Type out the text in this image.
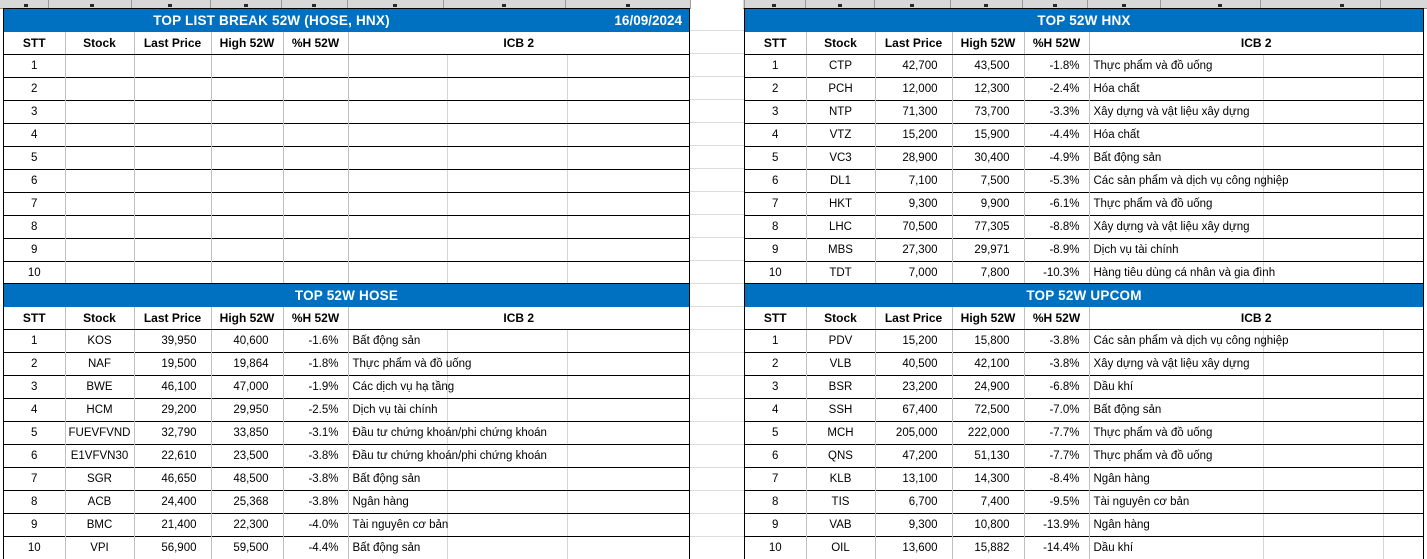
TOP LIST BREAK 52W (HOSE, HNX)	16/09/2024
STT	Stock	Last Price	High 52W	%H 52W	ICB 2
1					
2					
3					
4					
5					
6					
7					
8					
9					
10					
TOP 52W HOSE
STT	Stock	Last Price	High 52W	%H 52W	ICB 2
1	KOS	39,950	40,600	-1.6%	Bất động sản
2	NAF	19,500	19,864	-1.8%	Thực phẩm và đồ uống
3	BWE	46,100	47,000	-1.9%	Các dịch vụ hạ tầng
4	HCM	29,200	29,950	-2.5%	Dịch vụ tài chính
5	FUEVFVND	32,790	33,850	-3.1%	Đầu tư chứng khoán/phi chứng khoán
6	E1VFVN30	22,610	23,500	-3.8%	Đầu tư chứng khoán/phi chứng khoán
7	SGR	46,650	48,500	-3.8%	Bất động sản
8	ACB	24,400	25,368	-3.8%	Ngân hàng
9	BMC	21,400	22,300	-4.0%	Tài nguyên cơ bản
10	VPI	56,900	59,500	-4.4%	Bất động sản
TOP 52W HNX
STT	Stock	Last Price	High 52W	%H 52W	ICB 2
1	CTP	42,700	43,500	-1.8%	Thực phẩm và đồ uống
2	PCH	12,000	12,300	-2.4%	Hóa chất
3	NTP	71,300	73,700	-3.3%	Xây dựng và vật liệu xây dựng
4	VTZ	15,200	15,900	-4.4%	Hóa chất
5	VC3	28,900	30,400	-4.9%	Bất động sản
6	DL1	7,100	7,500	-5.3%	Các sản phẩm và dịch vụ công nghiệp
7	HKT	9,300	9,900	-6.1%	Thực phẩm và đồ uống
8	LHC	70,500	77,305	-8.8%	Xây dựng và vật liệu xây dựng
9	MBS	27,300	29,971	-8.9%	Dịch vụ tài chính
10	TDT	7,000	7,800	-10.3%	Hàng tiêu dùng cá nhân và gia đình
TOP 52W UPCOM
STT	Stock	Last Price	High 52W	%H 52W	ICB 2
1	PDV	15,200	15,800	-3.8%	Các sản phẩm và dịch vụ công nghiệp
2	VLB	40,500	42,100	-3.8%	Xây dựng và vật liệu xây dựng
3	BSR	23,200	24,900	-6.8%	Dầu khí
4	SSH	67,400	72,500	-7.0%	Bất động sản
5	MCH	205,000	222,000	-7.7%	Thực phẩm và đồ uống
6	QNS	47,200	51,130	-7.7%	Thực phẩm và đồ uống
7	KLB	13,100	14,300	-8.4%	Ngân hàng
8	TIS	6,700	7,400	-9.5%	Tài nguyên cơ bản
9	VAB	9,300	10,800	-13.9%	Ngân hàng
10	OIL	13,600	15,882	-14.4%	Dầu khí
